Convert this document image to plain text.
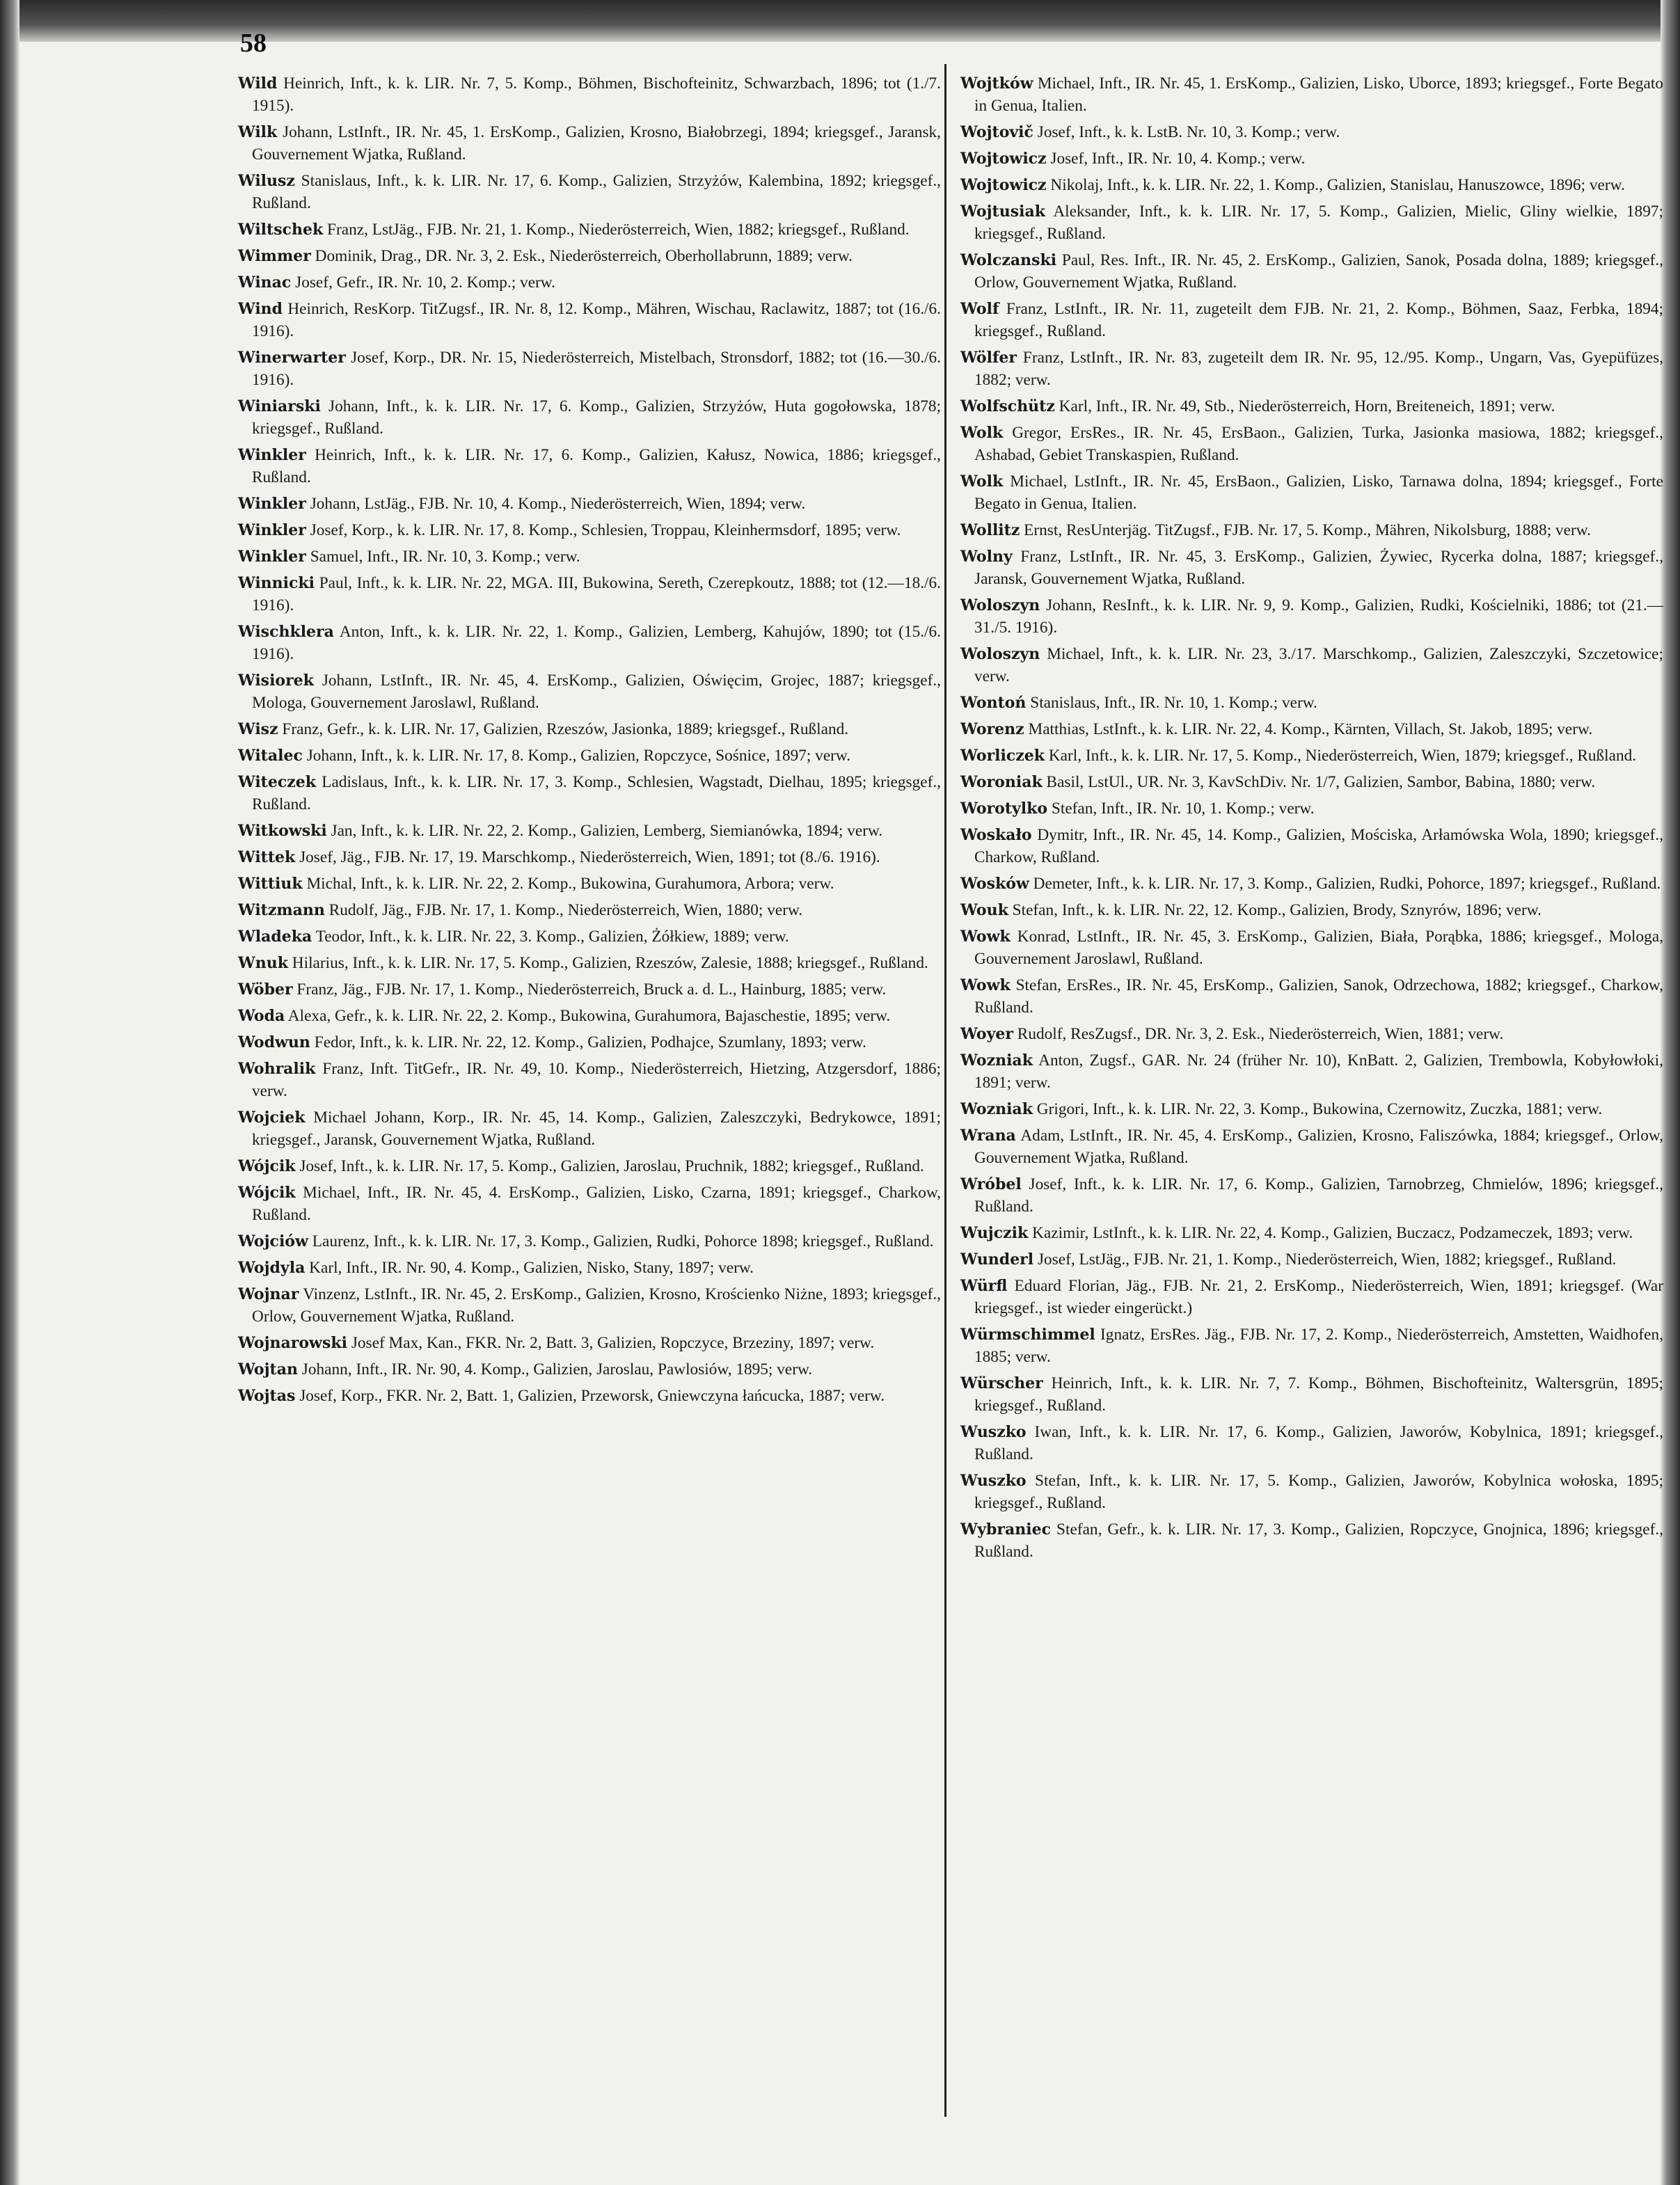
58

Wild Heinrich, Inft., k. k. LIR. Nr. 7, 5. Komp., Böhmen, Bischofteinitz, Schwarzbach, 1896; tot (1./7. 1915).

Wilk Johann, LstInft., IR. Nr. 45, 1. ErsKomp., Galizien, Krosno, Białobrzegi, 1894; kriegsgef., Jaransk, Gouvernement Wjatka, Rußland.

Wilusz Stanislaus, Inft., k. k. LIR. Nr. 17, 6. Komp., Galizien, Strzyżów, Kalembina, 1892; kriegsgef., Rußland.

Wiltschek Franz, LstJäg., FJB. Nr. 21, 1. Komp., Niederösterreich, Wien, 1882; kriegsgef., Rußland.

Wimmer Dominik, Drag., DR. Nr. 3, 2. Esk., Niederösterreich, Oberhollabrunn, 1889; verw.

Winac Josef, Gefr., IR. Nr. 10, 2. Komp.; verw.

Wind Heinrich, ResKorp. TitZugsf., IR. Nr. 8, 12. Komp., Mähren, Wischau, Raclawitz, 1887; tot (16./6. 1916).

Winerwarter Josef, Korp., DR. Nr. 15, Niederösterreich, Mistelbach, Stronsdorf, 1882; tot (16.—30./6. 1916).

Winiarski Johann, Inft., k. k. LIR. Nr. 17, 6. Komp., Galizien, Strzyżów, Huta gogołowska, 1878; kriegsgef., Rußland.

Winkler Heinrich, Inft., k. k. LIR. Nr. 17, 6. Komp., Galizien, Kałusz, Nowica, 1886; kriegsgef., Rußland.

Winkler Johann, LstJäg., FJB. Nr. 10, 4. Komp., Niederösterreich, Wien, 1894; verw.

Winkler Josef, Korp., k. k. LIR. Nr. 17, 8. Komp., Schlesien, Troppau, Kleinhermsdorf, 1895; verw.

Winkler Samuel, Inft., IR. Nr. 10, 3. Komp.; verw.

Winnicki Paul, Inft., k. k. LIR. Nr. 22, MGA. III, Bukowina, Sereth, Czerepkoutz, 1888; tot (12.—18./6. 1916).

Wischklera Anton, Inft., k. k. LIR. Nr. 22, 1. Komp., Galizien, Lemberg, Kahujów, 1890; tot (15./6. 1916).

Wisiorek Johann, LstInft., IR. Nr. 45, 4. ErsKomp., Galizien, Oświęcim, Grojec, 1887; kriegsgef., Mologa, Gouvernement Jaroslawl, Rußland.

Wisz Franz, Gefr., k. k. LIR. Nr. 17, Galizien, Rzeszów, Jasionka, 1889; kriegsgef., Rußland.

Witalec Johann, Inft., k. k. LIR. Nr. 17, 8. Komp., Galizien, Ropczyce, Sośnice, 1897; verw.

Witeczek Ladislaus, Inft., k. k. LIR. Nr. 17, 3. Komp., Schlesien, Wagstadt, Dielhau, 1895; kriegsgef., Rußland.

Witkowski Jan, Inft., k. k. LIR. Nr. 22, 2. Komp., Galizien, Lemberg, Siemianówka, 1894; verw.

Wittek Josef, Jäg., FJB. Nr. 17, 19. Marschkomp., Niederösterreich, Wien, 1891; tot (8./6. 1916).

Wittiuk Michal, Inft., k. k. LIR. Nr. 22, 2. Komp., Bukowina, Gurahumora, Arbora; verw.

Witzmann Rudolf, Jäg., FJB. Nr. 17, 1. Komp., Niederösterreich, Wien, 1880; verw.

Wladeka Teodor, Inft., k. k. LIR. Nr. 22, 3. Komp., Galizien, Żółkiew, 1889; verw.

Wnuk Hilarius, Inft., k. k. LIR. Nr. 17, 5. Komp., Galizien, Rzeszów, Zalesie, 1888; kriegsgef., Rußland.

Wöber Franz, Jäg., FJB. Nr. 17, 1. Komp., Niederösterreich, Bruck a. d. L., Hainburg, 1885; verw.

Woda Alexa, Gefr., k. k. LIR. Nr. 22, 2. Komp., Bukowina, Gurahumora, Bajaschestie, 1895; verw.

Wodwun Fedor, Inft., k. k. LIR. Nr. 22, 12. Komp., Galizien, Podhajce, Szumlany, 1893; verw.

Wohralik Franz, Inft. TitGefr., IR. Nr. 49, 10. Komp., Niederösterreich, Hietzing, Atzgersdorf, 1886; verw.

Wojciek Michael Johann, Korp., IR. Nr. 45, 14. Komp., Galizien, Zaleszczyki, Bedrykowce, 1891; kriegsgef., Jaransk, Gouvernement Wjatka, Rußland.

Wójcik Josef, Inft., k. k. LIR. Nr. 17, 5. Komp., Galizien, Jaroslau, Pruchnik, 1882; kriegsgef., Rußland.

Wójcik Michael, Inft., IR. Nr. 45, 4. ErsKomp., Galizien, Lisko, Czarna, 1891; kriegsgef., Charkow, Rußland.

Wojciów Laurenz, Inft., k. k. LIR. Nr. 17, 3. Komp., Galizien, Rudki, Pohorce 1898; kriegsgef., Rußland.

Wojdyla Karl, Inft., IR. Nr. 90, 4. Komp., Galizien, Nisko, Stany, 1897; verw.

Wojnar Vinzenz, LstInft., IR. Nr. 45, 2. ErsKomp., Galizien, Krosno, Krościenko Niżne, 1893; kriegsgef., Orlow, Gouvernement Wjatka, Rußland.

Wojnarowski Josef Max, Kan., FKR. Nr. 2, Batt. 3, Galizien, Ropczyce, Brzeziny, 1897; verw.

Wojtan Johann, Inft., IR. Nr. 90, 4. Komp., Galizien, Jaroslau, Pawlosiów, 1895; verw.

Wojtas Josef, Korp., FKR. Nr. 2, Batt. 1, Galizien, Przeworsk, Gniewczyna łańcucka, 1887; verw.

Wojtków Michael, Inft., IR. Nr. 45, 1. ErsKomp., Galizien, Lisko, Uborce, 1893; kriegsgef., Forte Begato in Genua, Italien.

Wojtovič Josef, Inft., k. k. LstB. Nr. 10, 3. Komp.; verw.

Wojtowicz Josef, Inft., IR. Nr. 10, 4. Komp.; verw.

Wojtowicz Nikolaj, Inft., k. k. LIR. Nr. 22, 1. Komp., Galizien, Stanislau, Hanuszowce, 1896; verw.

Wojtusiak Aleksander, Inft., k. k. LIR. Nr. 17, 5. Komp., Galizien, Mielic, Gliny wielkie, 1897; kriegsgef., Rußland.

Wolczanski Paul, Res. Inft., IR. Nr. 45, 2. ErsKomp., Galizien, Sanok, Posada dolna, 1889; kriegsgef., Orlow, Gouvernement Wjatka, Rußland.

Wolf Franz, LstInft., IR. Nr. 11, zugeteilt dem FJB. Nr. 21, 2. Komp., Böhmen, Saaz, Ferbka, 1894; kriegsgef., Rußland.

Wölfer Franz, LstInft., IR. Nr. 83, zugeteilt dem IR. Nr. 95, 12./95. Komp., Ungarn, Vas, Gyepüfüzes, 1882; verw.

Wolfschütz Karl, Inft., IR. Nr. 49, Stb., Niederösterreich, Horn, Breiteneich, 1891; verw.

Wolk Gregor, ErsRes., IR. Nr. 45, ErsBaon., Galizien, Turka, Jasionka masiowa, 1882; kriegsgef., Ashabad, Gebiet Transkaspien, Rußland.

Wolk Michael, LstInft., IR. Nr. 45, ErsBaon., Galizien, Lisko, Tarnawa dolna, 1894; kriegsgef., Forte Begato in Genua, Italien.

Wollitz Ernst, ResUnterjäg. TitZugsf., FJB. Nr. 17, 5. Komp., Mähren, Nikolsburg, 1888; verw.

Wolny Franz, LstInft., IR. Nr. 45, 3. ErsKomp., Galizien, Żywiec, Rycerka dolna, 1887; kriegsgef., Jaransk, Gouvernement Wjatka, Rußland.

Woloszyn Johann, ResInft., k. k. LIR. Nr. 9, 9. Komp., Galizien, Rudki, Kościelniki, 1886; tot (21.—31./5. 1916).

Woloszyn Michael, Inft., k. k. LIR. Nr. 23, 3./17. Marschkomp., Galizien, Zaleszczyki, Szczetowice; verw.

Wontoń Stanislaus, Inft., IR. Nr. 10, 1. Komp.; verw.

Worenz Matthias, LstInft., k. k. LIR. Nr. 22, 4. Komp., Kärnten, Villach, St. Jakob, 1895; verw.

Worliczek Karl, Inft., k. k. LIR. Nr. 17, 5. Komp., Niederösterreich, Wien, 1879; kriegsgef., Rußland.

Woroniak Basil, LstUl., UR. Nr. 3, KavSchDiv. Nr. 1/7, Galizien, Sambor, Babina, 1880; verw.

Worotylko Stefan, Inft., IR. Nr. 10, 1. Komp.; verw.

Woskało Dymitr, Inft., IR. Nr. 45, 14. Komp., Galizien, Mościska, Arłamówska Wola, 1890; kriegsgef., Charkow, Rußland.

Wosków Demeter, Inft., k. k. LIR. Nr. 17, 3. Komp., Galizien, Rudki, Pohorce, 1897; kriegsgef., Rußland.

Wouk Stefan, Inft., k. k. LIR. Nr. 22, 12. Komp., Galizien, Brody, Sznyrów, 1896; verw.

Wowk Konrad, LstInft., IR. Nr. 45, 3. ErsKomp., Galizien, Biała, Porąbka, 1886; kriegsgef., Mologa, Gouvernement Jaroslawl, Rußland.

Wowk Stefan, ErsRes., IR. Nr. 45, ErsKomp., Galizien, Sanok, Odrzechowa, 1882; kriegsgef., Charkow, Rußland.

Woyer Rudolf, ResZugsf., DR. Nr. 3, 2. Esk., Niederösterreich, Wien, 1881; verw.

Wozniak Anton, Zugsf., GAR. Nr. 24 (früher Nr. 10), KnBatt. 2, Galizien, Trembowla, Kobyłowłoki, 1891; verw.

Wozniak Grigori, Inft., k. k. LIR. Nr. 22, 3. Komp., Bukowina, Czernowitz, Zuczka, 1881; verw.

Wrana Adam, LstInft., IR. Nr. 45, 4. ErsKomp., Galizien, Krosno, Faliszówka, 1884; kriegsgef., Orlow, Gouvernement Wjatka, Rußland.

Wróbel Josef, Inft., k. k. LIR. Nr. 17, 6. Komp., Galizien, Tarnobrzeg, Chmielów, 1896; kriegsgef., Rußland.

Wujczik Kazimir, LstInft., k. k. LIR. Nr. 22, 4. Komp., Galizien, Buczacz, Podzameczek, 1893; verw.

Wunderl Josef, LstJäg., FJB. Nr. 21, 1. Komp., Niederösterreich, Wien, 1882; kriegsgef., Rußland.

Würfl Eduard Florian, Jäg., FJB. Nr. 21, 2. ErsKomp., Niederösterreich, Wien, 1891; kriegsgef. (War kriegsgef., ist wieder eingerückt.)

Würmschimmel Ignatz, ErsRes. Jäg., FJB. Nr. 17, 2. Komp., Niederösterreich, Amstetten, Waidhofen, 1885; verw.

Würscher Heinrich, Inft., k. k. LIR. Nr. 7, 7. Komp., Böhmen, Bischofteinitz, Waltersgrün, 1895; kriegsgef., Rußland.

Wuszko Iwan, Inft., k. k. LIR. Nr. 17, 6. Komp., Galizien, Jaworów, Kobylnica, 1891; kriegsgef., Rußland.

Wuszko Stefan, Inft., k. k. LIR. Nr. 17, 5. Komp., Galizien, Jaworów, Kobylnica wołoska, 1895; kriegsgef., Rußland.

Wybraniec Stefan, Gefr., k. k. LIR. Nr. 17, 3. Komp., Galizien, Ropczyce, Gnojnica, 1896; kriegsgef., Rußland.
